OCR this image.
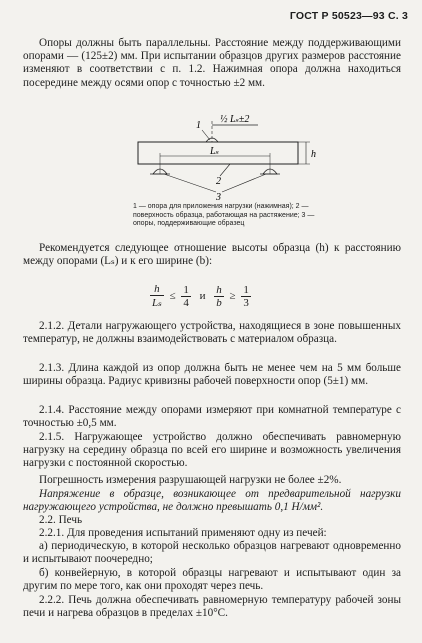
ГОСТ Р 50523—93 С. 3
Опоры должны быть параллельны. Расстояние между поддерживающими опорами — (125±2) мм. При испытании образцов других размеров расстояние изменяют в соответствии с п. 1.2. Нажимная опора должна находиться посередине между осями опор с точностью ±2 мм.
1
½ Lₛ±2
Lₛ
2
3
h
1 — опора для приложения нагрузки (нажимная); 2 — поверхность образца, работающая на растяжение; 3 — опоры, поддерживающие образец
Рекомендуется следующее отношение высоты образца (h) к расстоянию между опорами (Lₛ) и к его ширине (b):
$\frac{h}{\text{Lₛ}} \le \frac{1}{4}$ и $\frac{h}{b} \ge \frac{1}{3}$
2.1.2. Детали нагружающего устройства, находящиеся в зоне повышенных температур, не должны взаимодействовать с материалом образца.
2.1.3. Длина каждой из опор должна быть не менее чем на 5 мм больше ширины образца. Радиус кривизны рабочей поверхности опор (5±1) мм.
2.1.4. Расстояние между опорами измеряют при комнатной температуре с точностью ±0,5 мм.
2.1.5. Нагружающее устройство должно обеспечивать равномерную нагрузку на середину образца по всей его ширине и возможность увеличения нагрузки с постоянной скоростью.
Погрешность измерения разрушающей нагрузки не более ±2%.
Напряжение в образце, возникающее от предварительной нагрузки нагружающего устройства, не должно превышать 0,1 Н/мм².
2.2. Печь
2.2.1. Для проведения испытаний применяют одну из печей:
а) периодическую, в которой несколько образцов нагревают одновременно и испытывают поочередно;
б) конвейерную, в которой образцы нагревают и испытывают один за другим по мере того, как они проходят через печь.
2.2.2. Печь должна обеспечивать равномерную температуру рабочей зоны печи и нагрева образцов в пределах ±10°C.
